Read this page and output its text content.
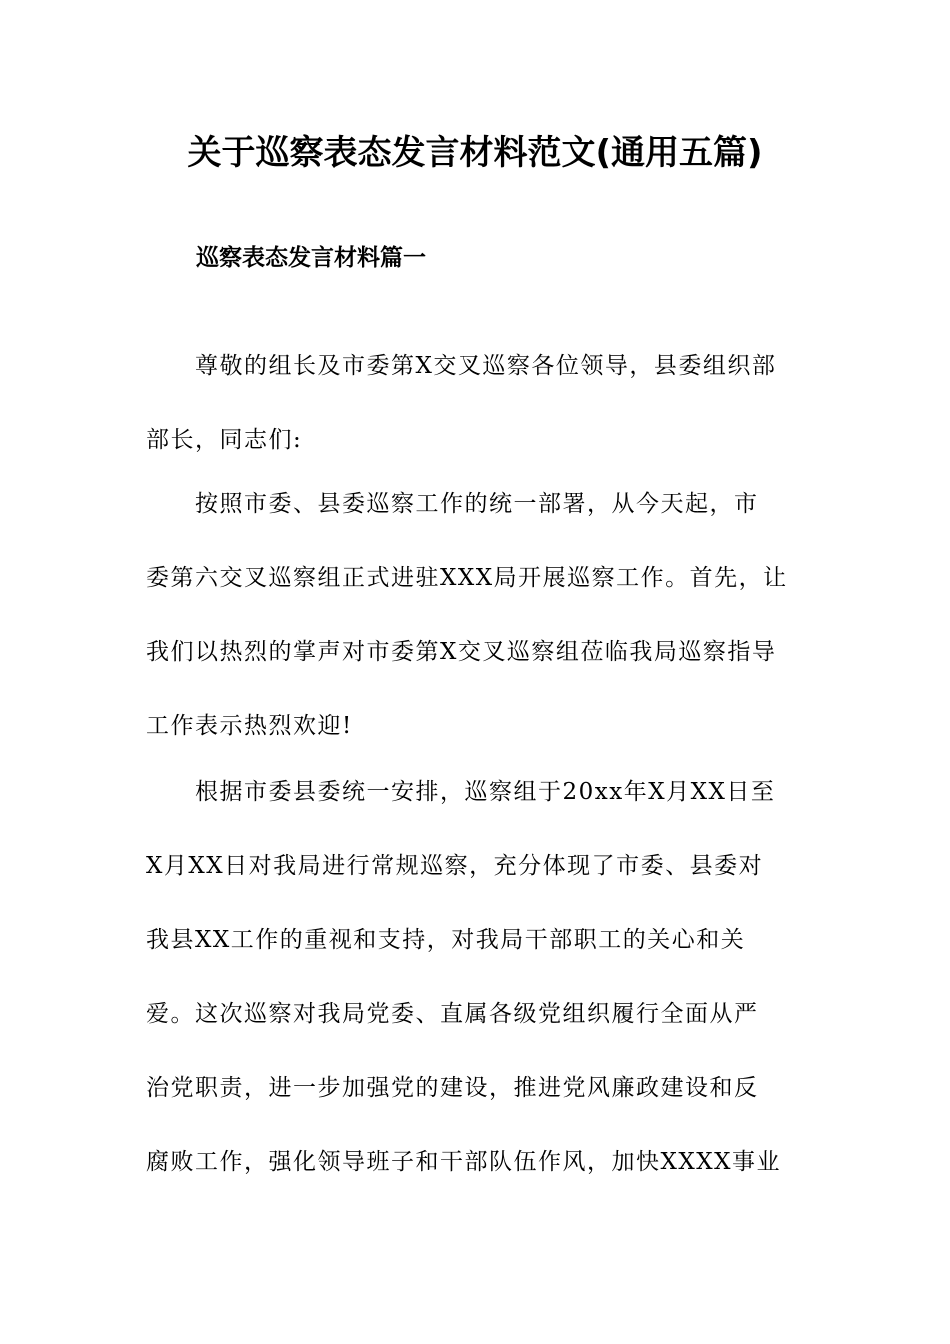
关于巡察表态发言材料范文(通用五篇)
巡察表态发言材料篇一

　　尊敬的组长及市委第X交叉巡察各位领导，县委组织部

部长，同志们:

　　按照市委、县委巡察工作的统一部署，从今天起，市

委第六交叉巡察组正式进驻XXX局开展巡察工作。首先，让

我们以热烈的掌声对市委第X交叉巡察组莅临我局巡察指导

工作表示热烈欢迎!

　　根据市委县委统一安排，巡察组于20xx年X月XX日至

X月XX日对我局进行常规巡察，充分体现了市委、县委对

我县XX工作的重视和支持，对我局干部职工的关心和关

爱。这次巡察对我局党委、直属各级党组织履行全面从严

治党职责，进一步加强党的建设，推进党风廉政建设和反

腐败工作，强化领导班子和干部队伍作风，加快XXXX事业
